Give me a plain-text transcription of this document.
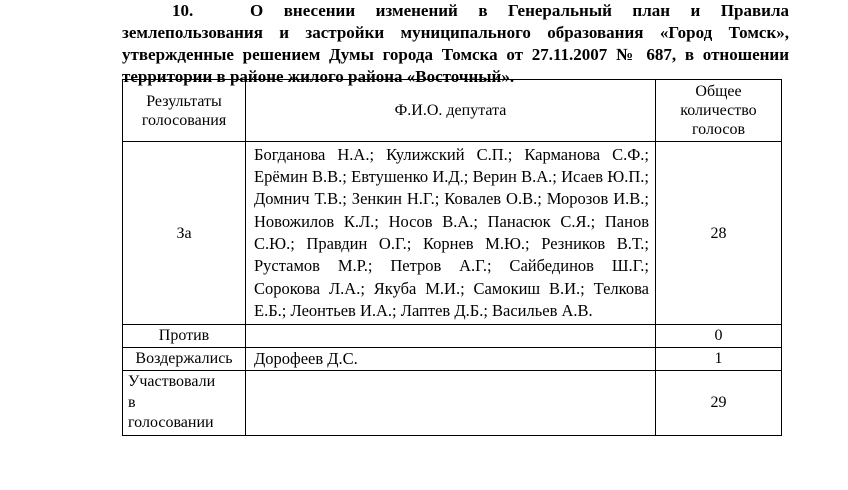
10.	О внесении изменений в Генеральный план и Правила землепользования и застройки муниципального образования «Город Томск», утвержденные решением Думы города Томска от 27.11.2007 № 687, в отношении территории в районе жилого района «Восточный».

Результаты голосования	Ф.И.О. депутата	Общее количество голосов
За	Богданова Н.А.; Кулижский С.П.; Карманова С.Ф.; Ерёмин В.В.; Евтушенко И.Д.; Верин В.А.; Исаев Ю.П.; Домнич Т.В.; Зенкин Н.Г.; Ковалев О.В.; Морозов И.В.; Новожилов К.Л.; Носов В.А.; Панасюк С.Я.; Панов С.Ю.; Правдин О.Г.; Корнев М.Ю.; Резников В.Т.; Рустамов М.Р.; Петров А.Г.; Сайбединов Ш.Г.; Сорокова Л.А.; Якуба М.И.; Самокиш В.И.; Телкова Е.Б.; Леонтьев И.А.; Лаптев Д.Б.; Васильев А.В.	28
Против		0
Воздержались	Дорофеев Д.С.	1
Участвовали в голосовании		29
